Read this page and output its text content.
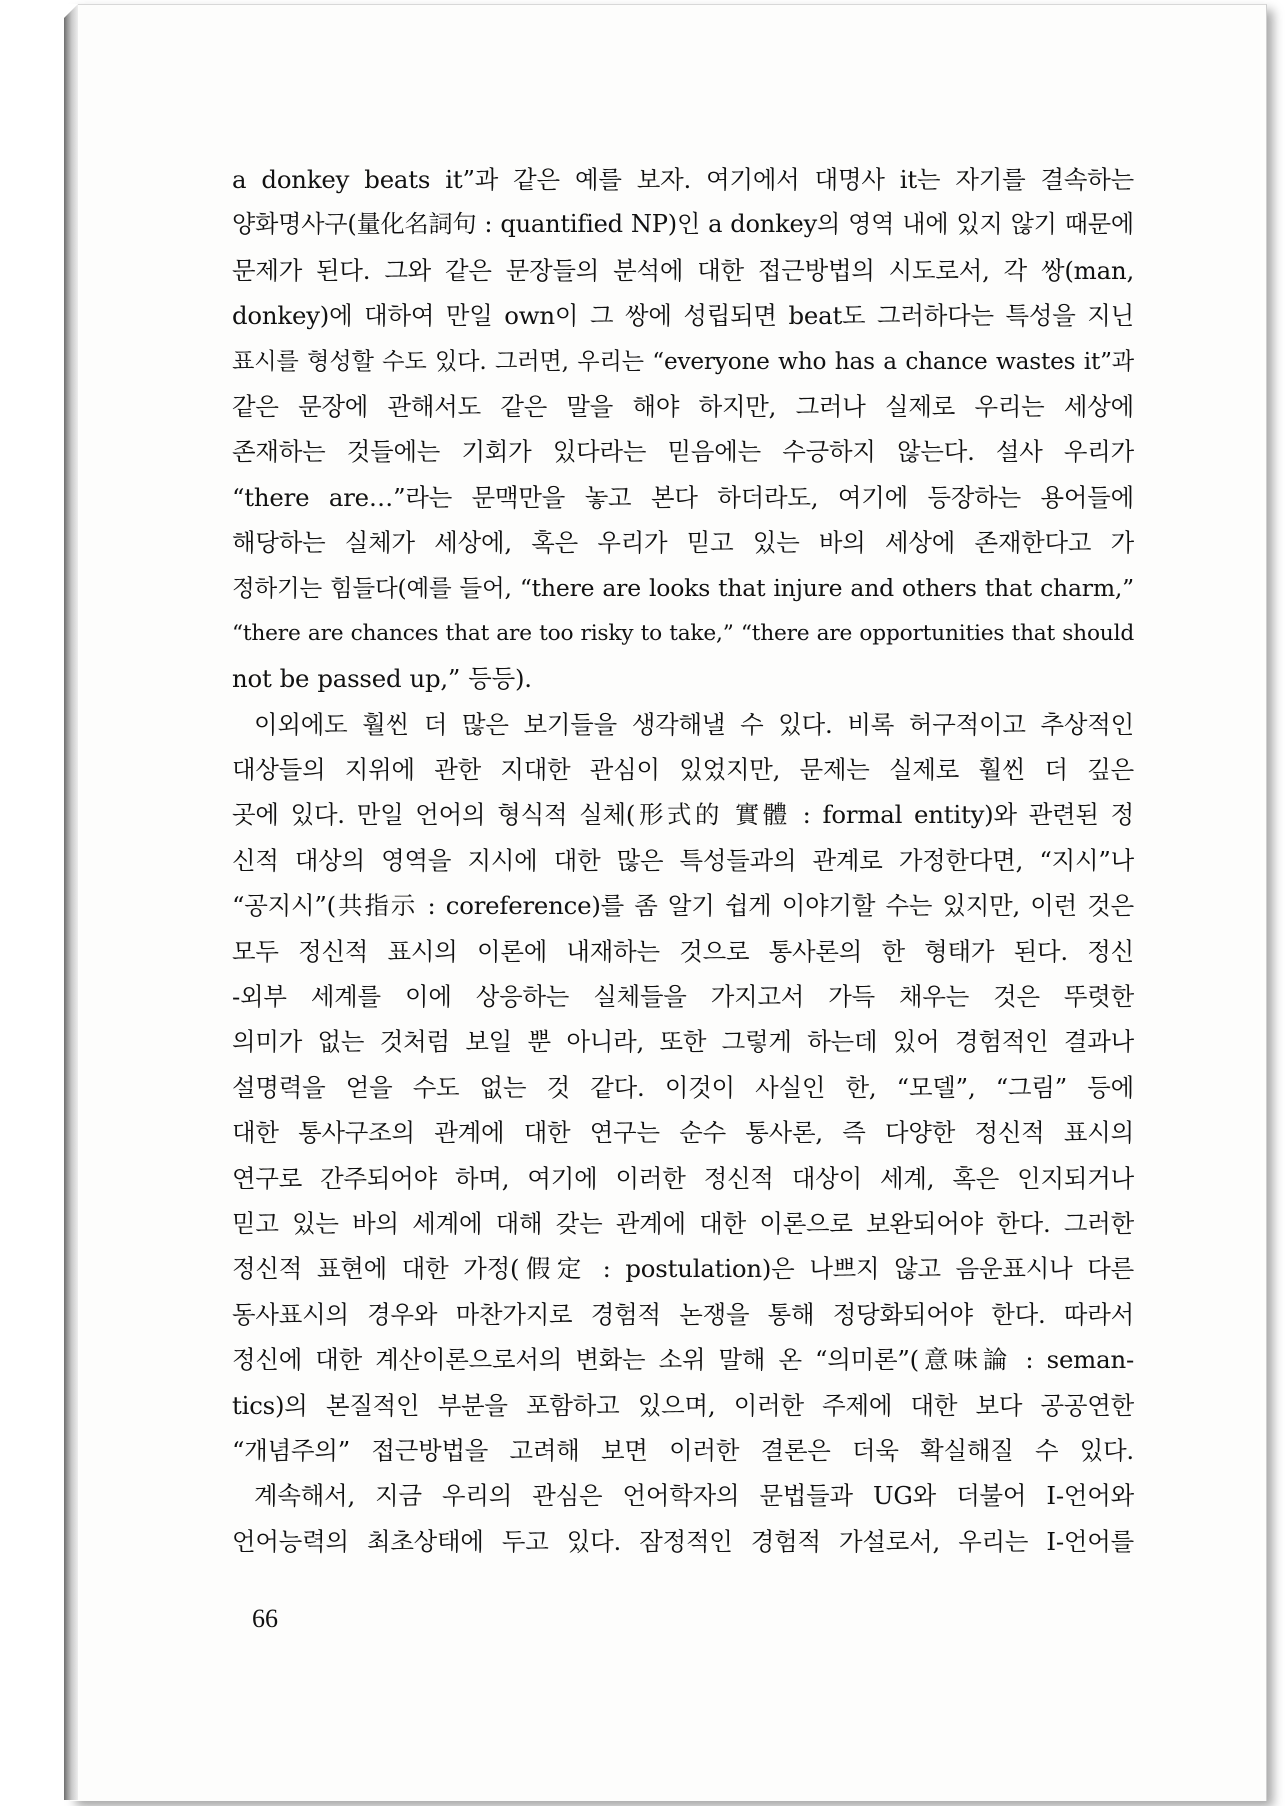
a donkey beats it”과 같은 예를 보자. 여기에서 대명사 it는 자기를 결속하는
양화명사구(量化名詞句 : quantified NP)인 a donkey의 영역 내에 있지 않기 때문에
문제가 된다. 그와 같은 문장들의 분석에 대한 접근방법의 시도로서, 각 쌍(man,
donkey)에 대하여 만일 own이 그 쌍에 성립되면 beat도 그러하다는 특성을 지닌
표시를 형성할 수도 있다. 그러면, 우리는 “everyone who has a chance wastes it”과
같은 문장에 관해서도 같은 말을 해야 하지만, 그러나 실제로 우리는 세상에
존재하는 것들에는 기회가 있다라는 믿음에는 수긍하지 않는다. 설사 우리가
“there are…”라는 문맥만을 놓고 본다 하더라도, 여기에 등장하는 용어들에
해당하는 실체가 세상에, 혹은 우리가 믿고 있는 바의 세상에 존재한다고 가
정하기는 힘들다(예를 들어, “there are looks that injure and others that charm,”
“there are chances that are too risky to take,” “there are opportunities that should
not be passed up,” 등등).
이외에도 훨씬 더 많은 보기들을 생각해낼 수 있다. 비록 허구적이고 추상적인
대상들의 지위에 관한 지대한 관심이 있었지만, 문제는 실제로 훨씬 더 깊은
곳에 있다. 만일 언어의 형식적 실체(形式的 實體 : formal entity)와 관련된 정
신적 대상의 영역을 지시에 대한 많은 특성들과의 관계로 가정한다면, “지시”나
“공지시”(共指示 : coreference)를 좀 알기 쉽게 이야기할 수는 있지만, 이런 것은
모두 정신적 표시의 이론에 내재하는 것으로 통사론의 한 형태가 된다. 정신
-외부 세계를 이에 상응하는 실체들을 가지고서 가득 채우는 것은 뚜렷한
의미가 없는 것처럼 보일 뿐 아니라, 또한 그렇게 하는데 있어 경험적인 결과나
설명력을 얻을 수도 없는 것 같다. 이것이 사실인 한, “모델”, “그림” 등에
대한 통사구조의 관계에 대한 연구는 순수 통사론, 즉 다양한 정신적 표시의
연구로 간주되어야 하며, 여기에 이러한 정신적 대상이 세계, 혹은 인지되거나
믿고 있는 바의 세계에 대해 갖는 관계에 대한 이론으로 보완되어야 한다. 그러한
정신적 표현에 대한 가정(假定 : postulation)은 나쁘지 않고 음운표시나 다른
동사표시의 경우와 마찬가지로 경험적 논쟁을 통해 정당화되어야 한다. 따라서
정신에 대한 계산이론으로서의 변화는 소위 말해 온 “의미론”(意味論 : seman-
tics)의 본질적인 부분을 포함하고 있으며, 이러한 주제에 대한 보다 공공연한
“개념주의” 접근방법을 고려해 보면 이러한 결론은 더욱 확실해질 수 있다.
계속해서, 지금 우리의 관심은 언어학자의 문법들과 UG와 더불어 I-언어와
언어능력의 최초상태에 두고 있다. 잠정적인 경험적 가설로서, 우리는 I-언어를
66
